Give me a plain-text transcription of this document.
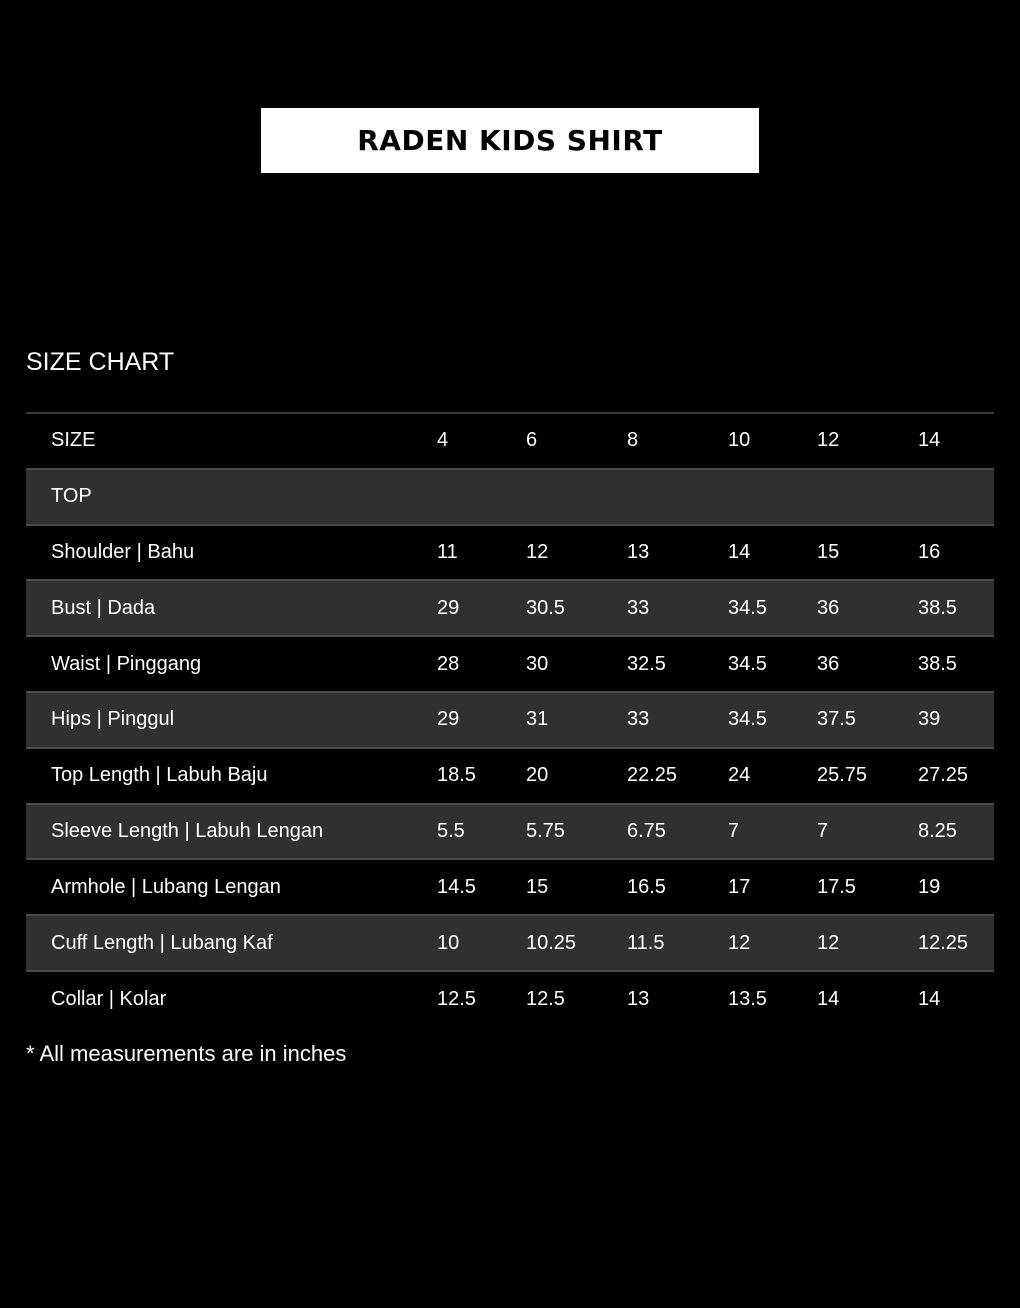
RADEN KIDS SHIRT
SIZE CHART
SIZE	4	6	8	10	12	14
TOP						
Shoulder | Bahu	11	12	13	14	15	16
Bust | Dada	29	30.5	33	34.5	36	38.5
Waist | Pinggang	28	30	32.5	34.5	36	38.5
Hips | Pinggul	29	31	33	34.5	37.5	39
Top Length | Labuh Baju	18.5	20	22.25	24	25.75	27.25
Sleeve Length | Labuh Lengan	5.5	5.75	6.75	7	7	8.25
Armhole | Lubang Lengan	14.5	15	16.5	17	17.5	19
Cuff Length | Lubang Kaf	10	10.25	11.5	12	12	12.25
Collar | Kolar	12.5	12.5	13	13.5	14	14
* All measurements are in inches
